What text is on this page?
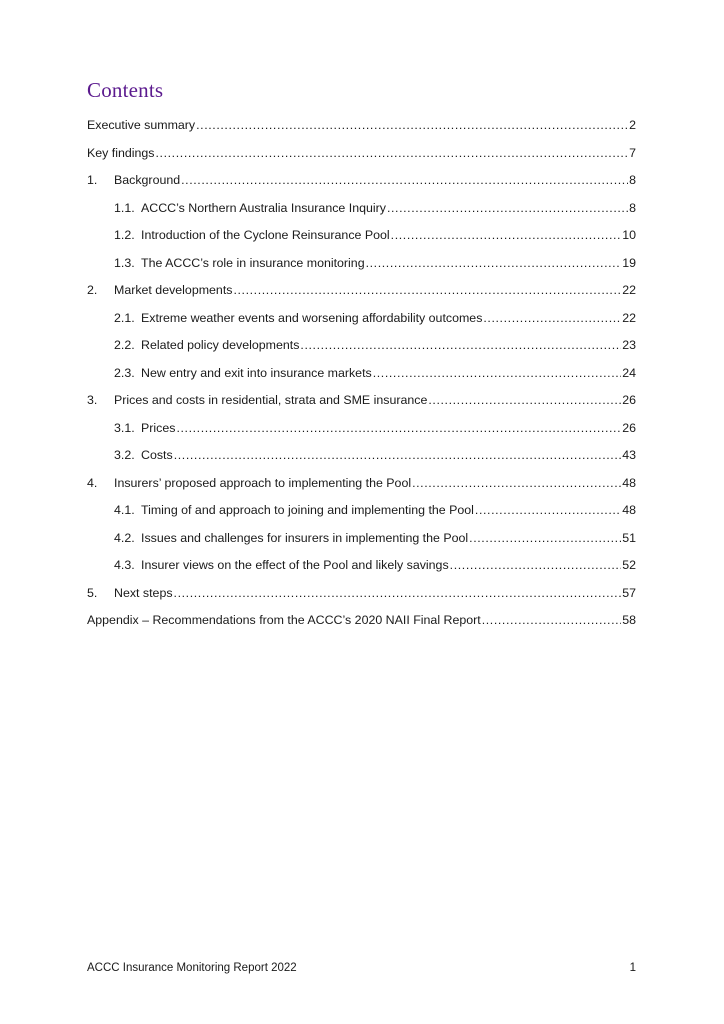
Contents
Executive summary .....	2
Key findings .....	7
1.	Background .....	8
1.1. ACCC’s Northern Australia Insurance Inquiry .....	8
1.2. Introduction of the Cyclone Reinsurance Pool .....	10
1.3. The ACCC’s role in insurance monitoring .....	19
2.	Market developments .....	22
2.1. Extreme weather events and worsening affordability outcomes .....	22
2.2. Related policy developments .....	23
2.3. New entry and exit into insurance markets .....	24
3.	Prices and costs in residential, strata and SME insurance .....	26
3.1. Prices .....	26
3.2. Costs .....	43
4.	Insurers’ proposed approach to implementing the Pool .....	48
4.1. Timing of and approach to joining and implementing the Pool .....	48
4.2. Issues and challenges for insurers in implementing the Pool .....	51
4.3. Insurer views on the effect of the Pool and likely savings .....	52
5.	Next steps .....	57
Appendix – Recommendations from the ACCC’s 2020 NAII Final Report .....	58
ACCC Insurance Monitoring Report 2022	1
